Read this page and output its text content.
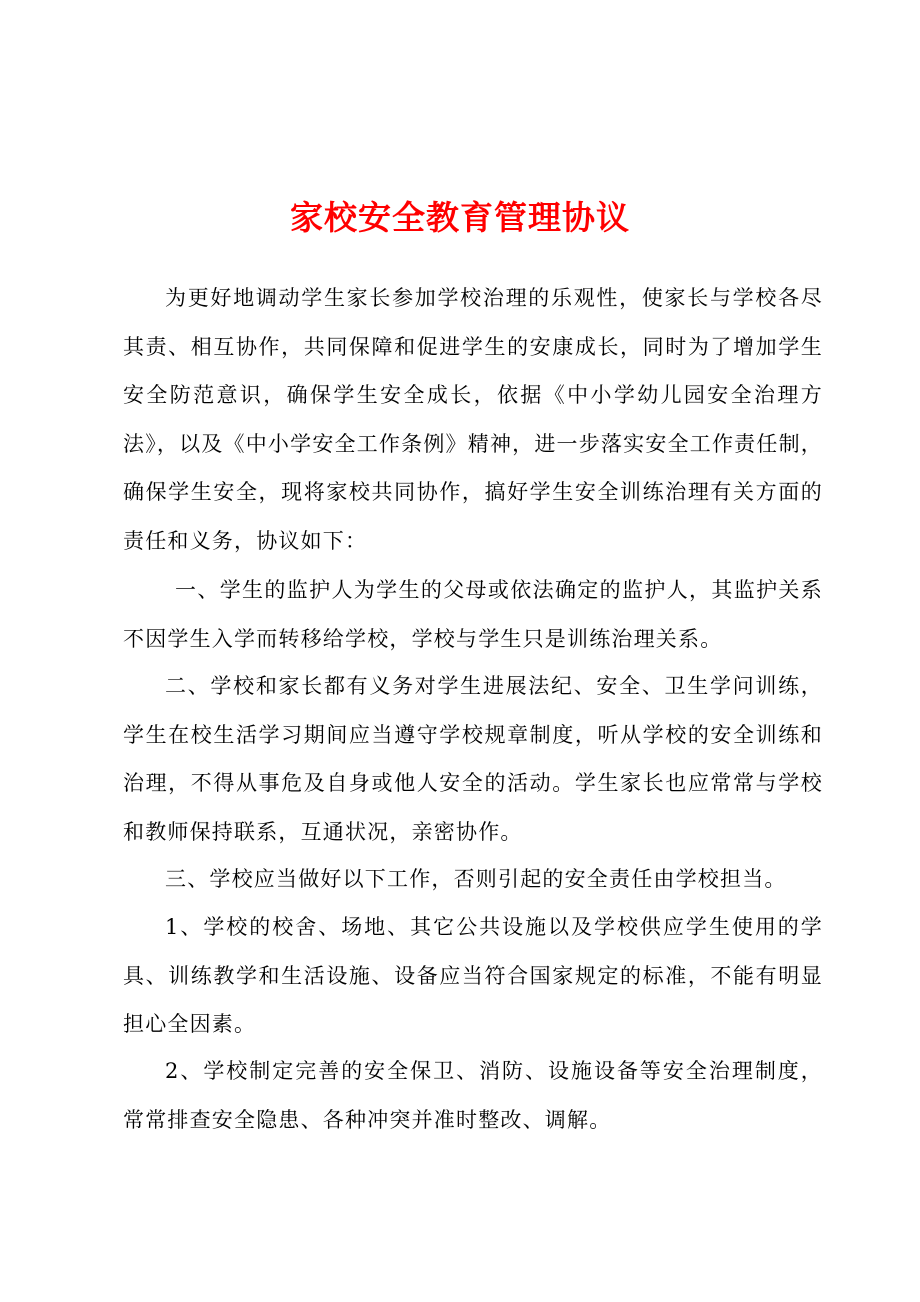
家校安全教育管理协议

为更好地调动学生家长参加学校治理的乐观性，使家长与学校各尽其责、相互协作，共同保障和促进学生的安康成长，同时为了增加学生安全防范意识，确保学生安全成长，依据《中小学幼儿园安全治理方法》，以及《中小学安全工作条例》精神，进一步落实安全工作责任制，确保学生安全，现将家校共同协作，搞好学生安全训练治理有关方面的责任和义务，协议如下：

一、学生的监护人为学生的父母或依法确定的监护人，其监护关系不因学生入学而转移给学校，学校与学生只是训练治理关系。

二、学校和家长都有义务对学生进展法纪、安全、卫生学问训练，学生在校生活学习期间应当遵守学校规章制度，听从学校的安全训练和治理，不得从事危及自身或他人安全的活动。学生家长也应常常与学校和教师保持联系，互通状况，亲密协作。

三、学校应当做好以下工作，否则引起的安全责任由学校担当。

1、学校的校舍、场地、其它公共设施以及学校供应学生使用的学具、训练教学和生活设施、设备应当符合国家规定的标准，不能有明显担心全因素。

2、学校制定完善的安全保卫、消防、设施设备等安全治理制度，常常排查安全隐患、各种冲突并准时整改、调解。
